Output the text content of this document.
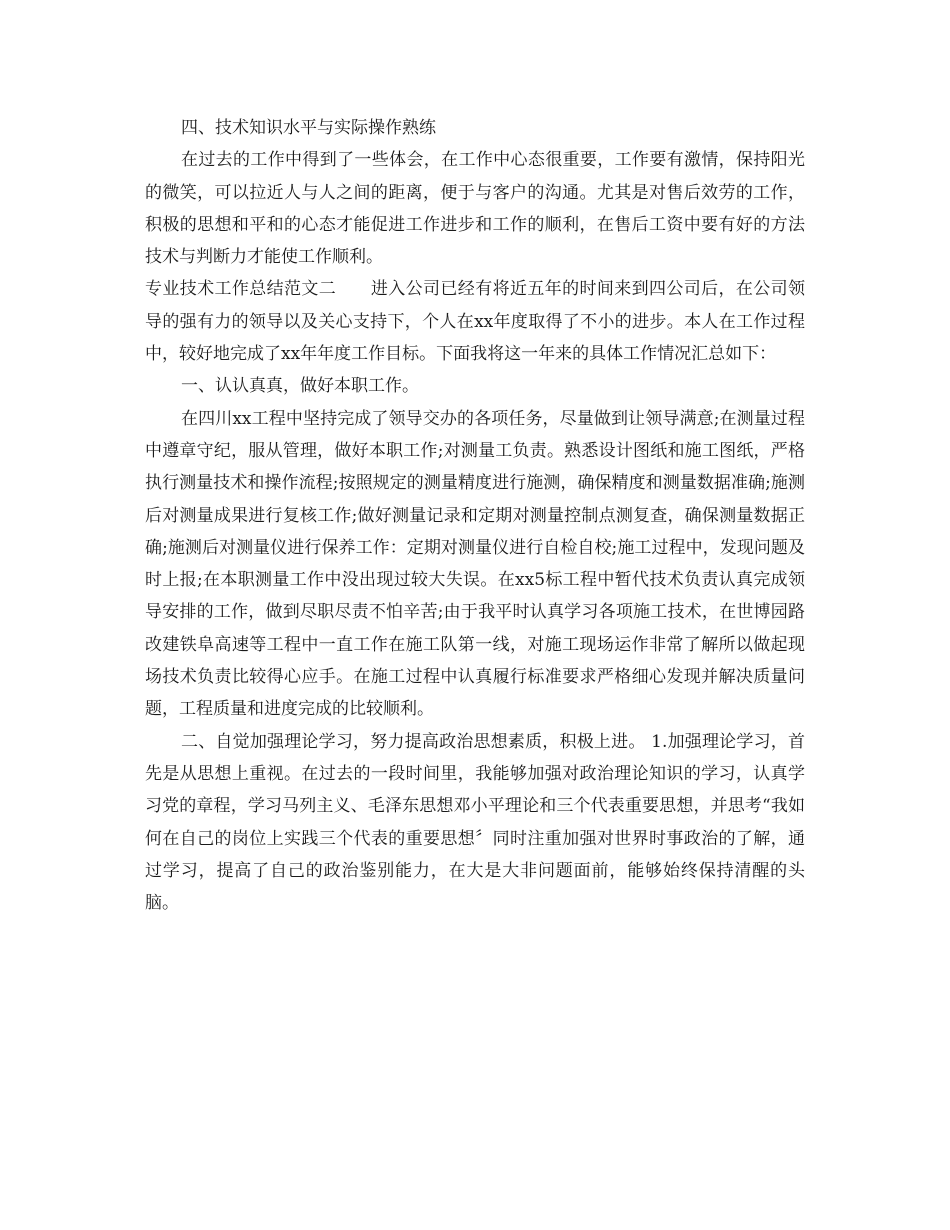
四、技术知识水平与实际操作熟练

在过去的工作中得到了一些体会，在工作中心态很重要，工作要有激情，保持阳光的微笑，可以拉近人与人之间的距离，便于与客户的沟通。尤其是对售后效劳的工作，积极的思想和平和的心态才能促进工作进步和工作的顺利，在售后工资中要有好的方法技术与判断力才能使工作顺利。

专业技术工作总结范文二　　进入公司已经有将近五年的时间来到四公司后，在公司领导的强有力的领导以及关心支持下，个人在xx年度取得了不小的进步。本人在工作过程中，较好地完成了xx年年度工作目标。下面我将这一年来的具体工作情况汇总如下：

一、认认真真，做好本职工作。

在四川xx工程中坚持完成了领导交办的各项任务，尽量做到让领导满意;在测量过程中遵章守纪，服从管理，做好本职工作;对测量工负责。熟悉设计图纸和施工图纸，严格执行测量技术和操作流程;按照规定的测量精度进行施测，确保精度和测量数据准确;施测后对测量成果进行复核工作;做好测量记录和定期对测量控制点测复查，确保测量数据正确;施测后对测量仪进行保养工作：定期对测量仪进行自检自校;施工过程中，发现问题及时上报;在本职测量工作中没出现过较大失误。在xx5标工程中暂代技术负责认真完成领导安排的工作，做到尽职尽责不怕辛苦;由于我平时认真学习各项施工技术，在世博园路改建铁阜高速等工程中一直工作在施工队第一线，对施工现场运作非常了解所以做起现场技术负责比较得心应手。在施工过程中认真履行标准要求严格细心发现并解决质量问题，工程质量和进度完成的比较顺利。

二、自觉加强理论学习，努力提高政治思想素质，积极上进。 1.加强理论学习，首先是从思想上重视。在过去的一段时间里，我能够加强对政治理论知识的学习，认真学习党的章程，学习马列主义、毛泽东思想邓小平理论和三个代表重要思想，并思考“我如何在自己的岗位上实践三个代表的重要思想〞同时注重加强对世界时事政治的了解，通过学习，提高了自己的政治鉴别能力，在大是大非问题面前，能够始终保持清醒的头脑。
